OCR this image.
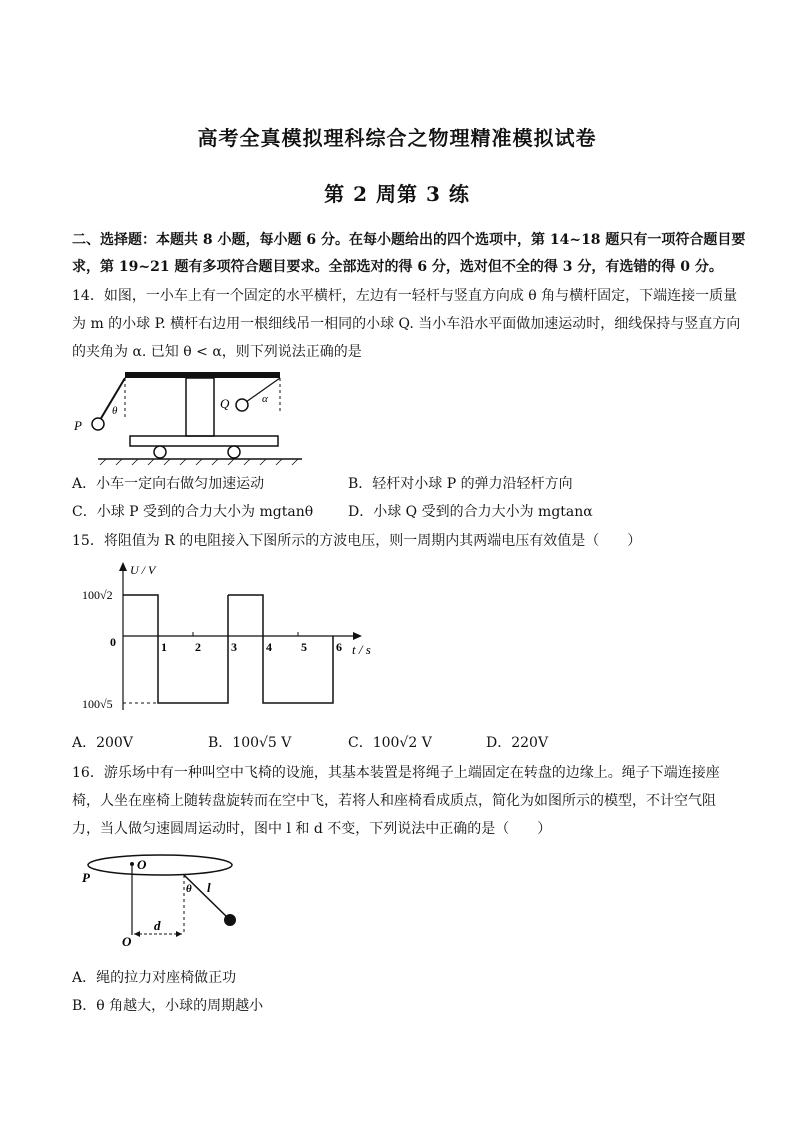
高考全真模拟理科综合之物理精准模拟试卷
第 2 周第 3 练
二、选择题：本题共 8 小题，每小题 6 分。在每小题给出的四个选项中，第 14~18 题只有一项符合题目要
求，第 19~21 题有多项符合题目要求。全部选对的得 6 分，选对但不全的得 3 分，有选错的得 0 分。
14．如图，一小车上有一个固定的水平横杆，左边有一轻杆与竖直方向成 θ 角与横杆固定，下端连接一质量
为 m 的小球 P. 横杆右边用一根细线吊一相同的小球 Q. 当小车沿水平面做加速运动时，细线保持与竖直方向
的夹角为 α. 已知 θ < α，则下列说法正确的是
P
θ	Q	α
A．小车一定向右做匀加速运动	B．轻杆对小球 P 的弹力沿轻杆方向
C．小球 P 受到的合力大小为 mgtanθ D．小球 Q 受到的合力大小为 mgtanα
15．将阻值为 R 的电阻接入下图所示的方波电压，则一周期内其两端电压有效值是（　　）
U / V
t / s
0
100√2
100√5
1 2	3 4 5 6
A．200V	B．100√5 V	C．100√2 V	D．220V
16．游乐场中有一种叫空中飞椅的设施，其基本装置是将绳子上端固定在转盘的边缘上。绳子下端连接座
椅，人坐在座椅上随转盘旋转而在空中飞，若将人和座椅看成质点，简化为如图所示的模型，不计空气阻
力，当人做匀速圆周运动时，图中 l 和 d 不变，下列说法中正确的是（　　）
O
P
O
θ l
d
A．绳的拉力对座椅做正功
B．θ 角越大，小球的周期越小
